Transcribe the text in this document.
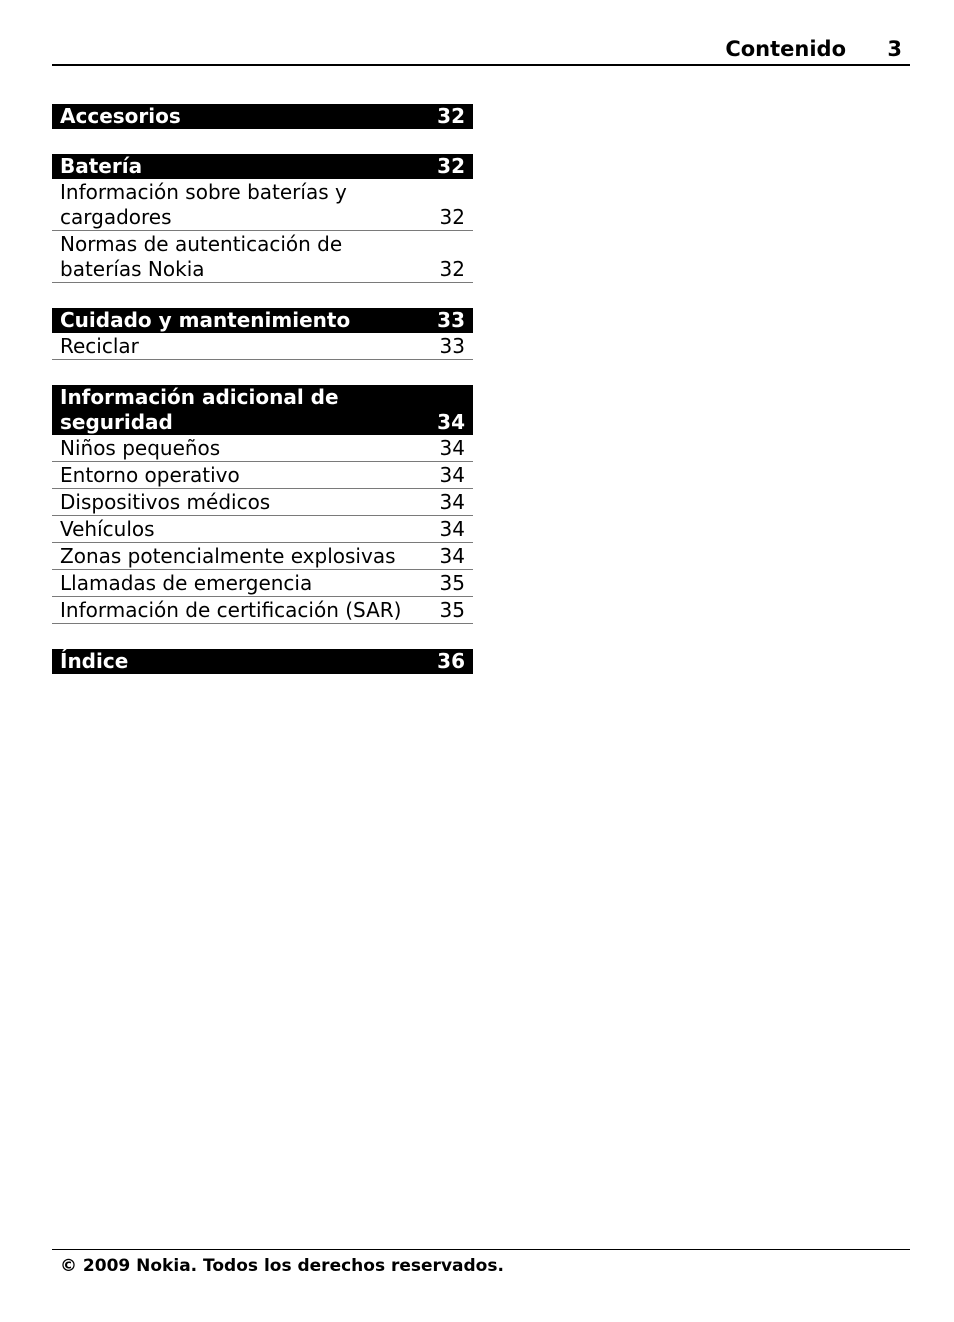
Contenido 3
Accesorios	32
Batería	32
Información sobre baterías y cargadores	32
Normas de autenticación de baterías Nokia	32
Cuidado y mantenimiento	33
Reciclar	33
Información adicional de seguridad	34
Niños pequeños	34
Entorno operativo	34
Dispositivos médicos	34
Vehículos	34
Zonas potencialmente explosivas 34
Llamadas de emergencia	35
Información de certificación (SAR) 35
Índice	36
© 2009 Nokia. Todos los derechos reservados.
